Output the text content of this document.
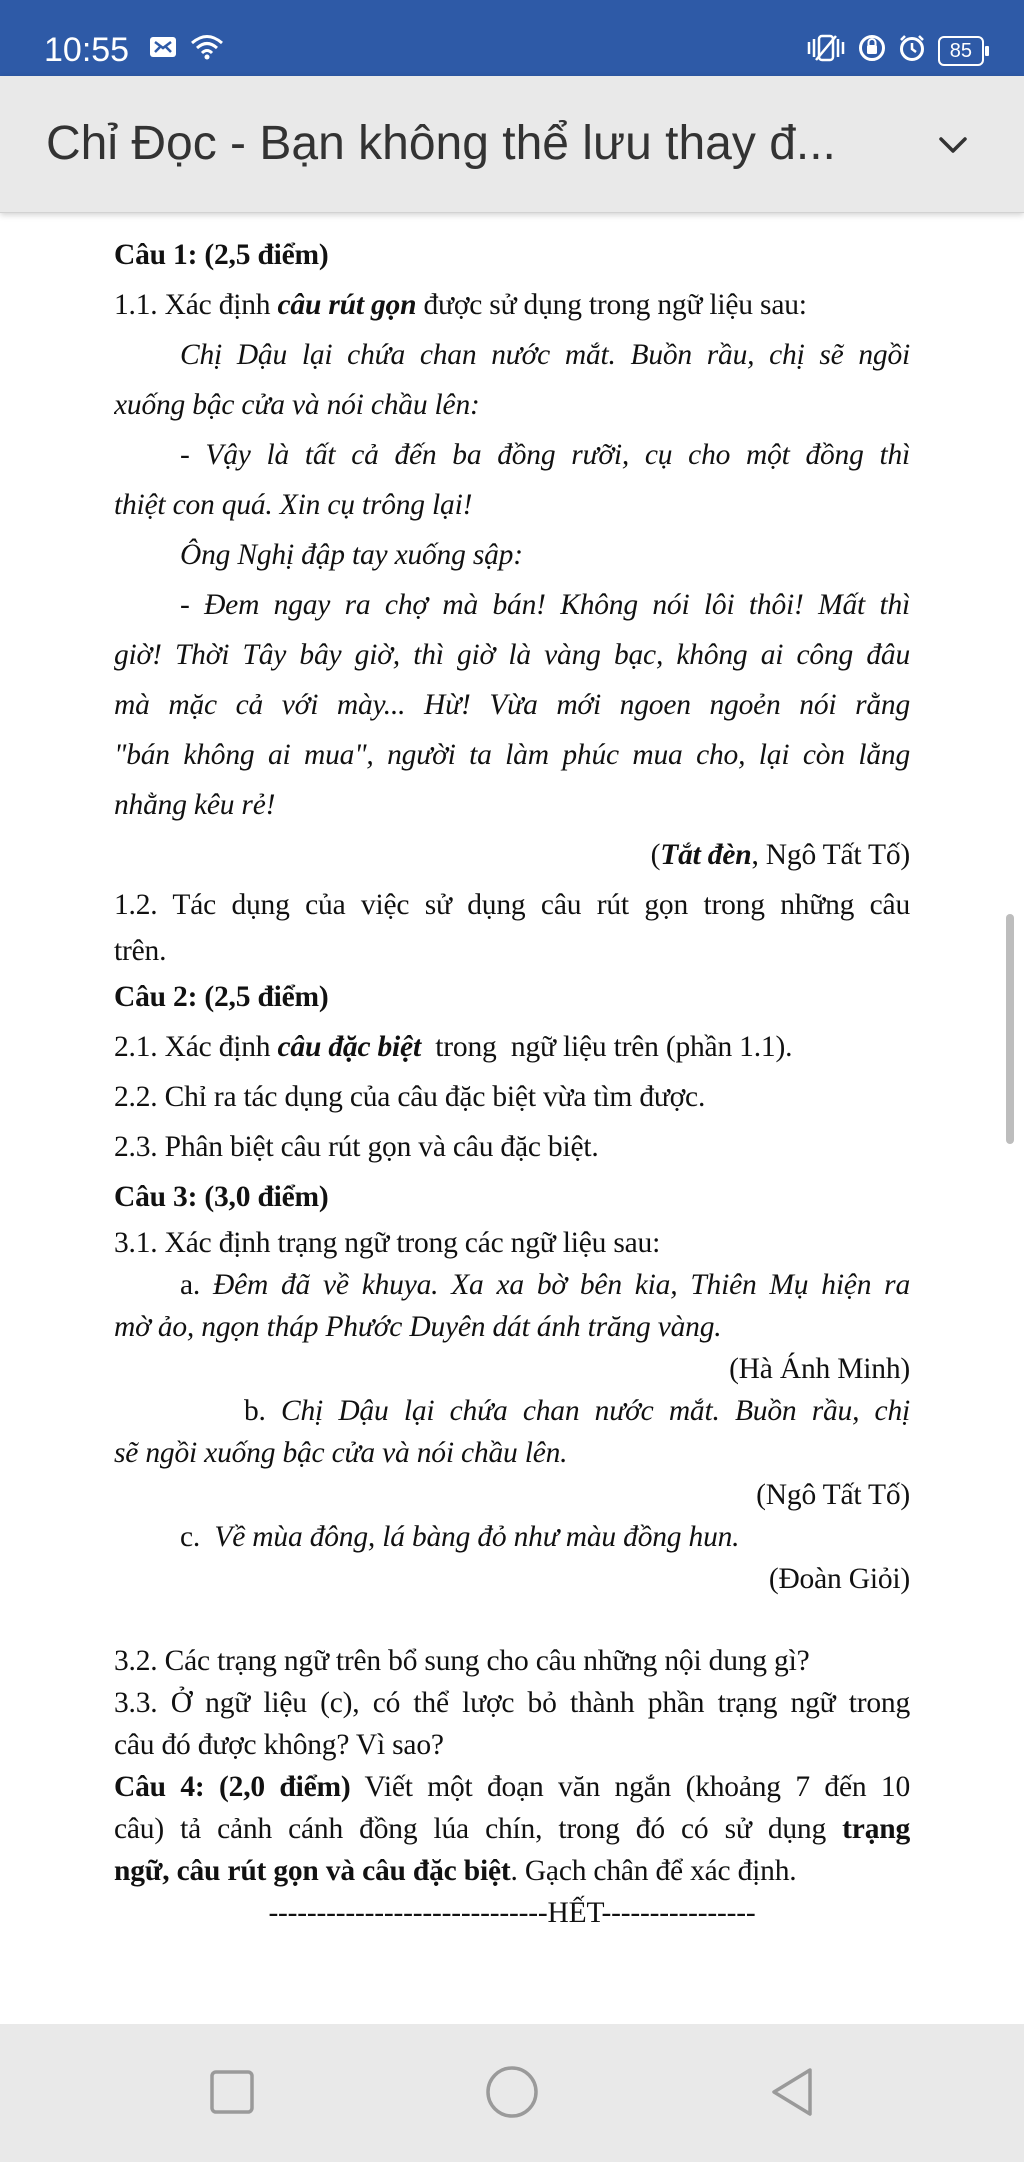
10:55	85
Chỉ Đọc - Bạn không thể lưu thay đ...
Câu 1: (2,5 điểm)
1.1. Xác định câu rút gọn được sử dụng trong ngữ liệu sau:
Chị Dậu lại chứa chan nước mắt. Buồn rầu, chị sẽ ngồi
xuống bậc cửa và nói chầu lên:
- Vậy là tất cả đến ba đồng rưỡi, cụ cho một đồng thì
thiệt con quá. Xin cụ trông lại!
Ông Nghị đập tay xuống sập:
- Đem ngay ra chợ mà bán! Không nói lôi thôi! Mất thì
giờ! Thời Tây bây giờ, thì giờ là vàng bạc, không ai công đâu
mà mặc cả với mày... Hừ! Vừa mới ngoen ngoẻn nói rằng
"bán không ai mua", người ta làm phúc mua cho, lại còn lằng
nhằng kêu rẻ!
(Tắt đèn, Ngô Tất Tố)
1.2. Tác dụng của việc sử dụng câu rút gọn trong những câu
trên.
Câu 2: (2,5 điểm)
2.1. Xác định câu đặc biệt  trong  ngữ liệu trên (phần 1.1).
2.2. Chỉ ra tác dụng của câu đặc biệt vừa tìm được.
2.3. Phân biệt câu rút gọn và câu đặc biệt.
Câu 3: (3,0 điểm)
3.1. Xác định trạng ngữ trong các ngữ liệu sau:
a. Đêm đã về khuya. Xa xa bờ bên kia, Thiên Mụ hiện ra
mờ ảo, ngọn tháp Phước Duyên dát ánh trăng vàng.
(Hà Ánh Minh)
b. Chị Dậu lại chứa chan nước mắt. Buồn rầu, chị
sẽ ngồi xuống bậc cửa và nói chầu lên.
(Ngô Tất Tố)
c.  Về mùa đông, lá bàng đỏ như màu đồng hun.
(Đoàn Giỏi)
3.2. Các trạng ngữ trên bổ sung cho câu những nội dung gì?
3.3. Ở ngữ liệu (c), có thể lược bỏ thành phần trạng ngữ trong
câu đó được không? Vì sao?
Câu 4: (2,0 điểm) Viết một đoạn văn ngắn (khoảng 7 đến 10
câu) tả cảnh cánh đồng lúa chín, trong đó có sử dụng trạng
ngữ, câu rút gọn và câu đặc biệt. Gạch chân để xác định.
-----------------------------HẾT----------------
